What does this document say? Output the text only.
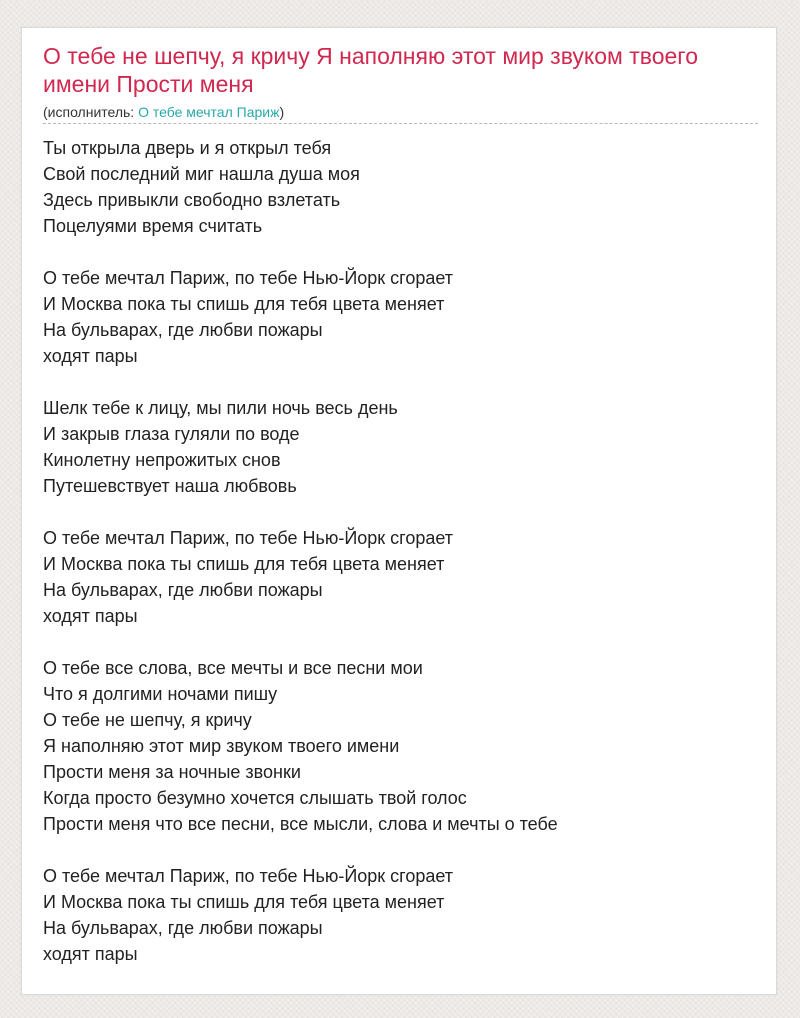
О тебе не шепчу, я кричу Я наполняю этот мир звуком твоего имени Прости меня
(исполнитель: О тебе мечтал Париж)
Ты открыла дверь и я открыл тебя
Свой последний миг нашла душа моя
Здесь привыкли свободно взлетать
Поцелуями время считать
О тебе мечтал Париж, по тебе Нью-Йорк сгорает
И Москва пока ты спишь для тебя цвета меняет
На бульварах, где любви пожары
ходят пары
Шелк тебе к лицу, мы пили ночь весь день
И закрыв глаза гуляли по воде
Кинолетну непрожитых снов
Путешевствует наша любвовь
О тебе мечтал Париж, по тебе Нью-Йорк сгорает
И Москва пока ты спишь для тебя цвета меняет
На бульварах, где любви пожары
ходят пары
О тебе все слова, все мечты и все песни мои
Что я долгими ночами пишу
О тебе не шепчу, я кричу
Я наполняю этот мир звуком твоего имени
Прости меня за ночные звонки
Когда просто безумно хочется слышать твой голос
Прости меня что все песни, все мысли, слова и мечты о тебе
О тебе мечтал Париж, по тебе Нью-Йорк сгорает
И Москва пока ты спишь для тебя цвета меняет
На бульварах, где любви пожары
ходят пары
